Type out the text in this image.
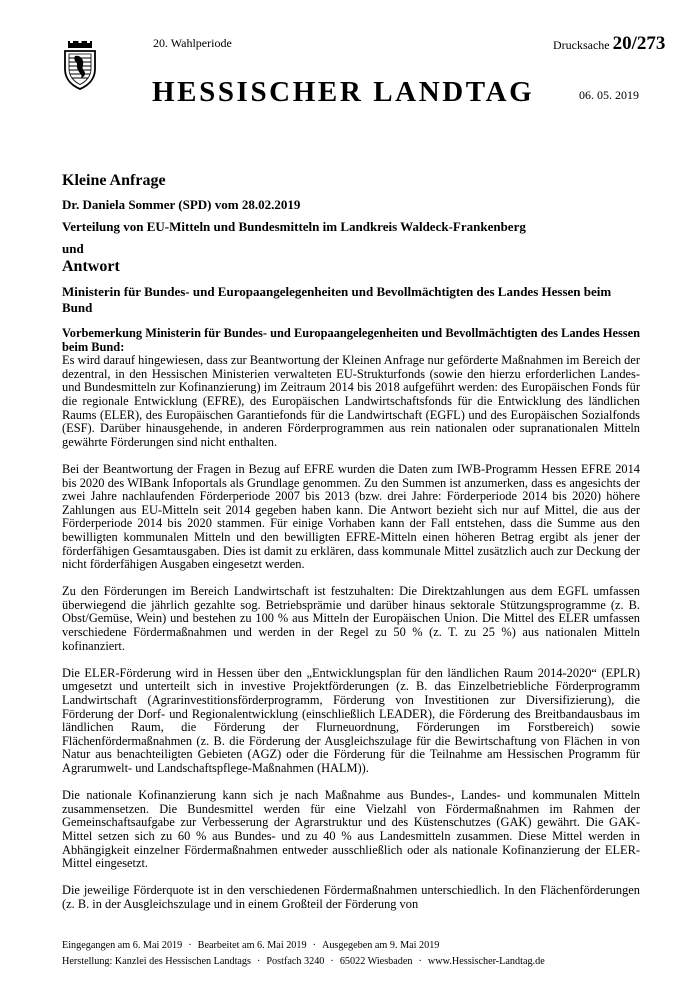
20. Wahlperiode	Drucksache 20/273
HESSISCHER LANDTAG	06. 05. 2019
Kleine Anfrage
Dr. Daniela Sommer (SPD) vom 28.02.2019
Verteilung von EU-Mitteln und Bundesmitteln im Landkreis Waldeck-Frankenberg
und
Antwort
Ministerin für Bundes- und Europaangelegenheiten und Bevollmächtigten des Landes Hessen beim Bund

Vorbemerkung Ministerin für Bundes- und Europaangelegenheiten und Bevollmächtigten des Landes Hessen beim Bund:

Es wird darauf hingewiesen, dass zur Beantwortung der Kleinen Anfrage nur geförderte Maßnahmen im Bereich der dezentral, in den Hessischen Ministerien verwalteten EU-Strukturfonds (sowie den hierzu erforderlichen Landes- und Bundesmitteln zur Kofinanzierung) im Zeitraum 2014 bis 2018 aufgeführt werden: des Europäischen Fonds für die regionale Entwicklung (EFRE), des Europäischen Landwirtschaftsfonds für die Entwicklung des ländlichen Raums (ELER), des Europäischen Garantiefonds für die Landwirtschaft (EGFL) und des Europäischen Sozialfonds (ESF). Darüber hinausgehende, in anderen Förderprogrammen aus rein nationalen oder supranationalen Mitteln gewährte Förderungen sind nicht enthalten.

Bei der Beantwortung der Fragen in Bezug auf EFRE wurden die Daten zum IWB-Programm Hessen EFRE 2014 bis 2020 des WIBank Infoportals als Grundlage genommen. Zu den Summen ist anzumerken, dass es angesichts der zwei Jahre nachlaufenden Förderperiode 2007 bis 2013 (bzw. drei Jahre: Förderperiode 2014 bis 2020) höhere Zahlungen aus EU-Mitteln seit 2014 gegeben haben kann. Die Antwort bezieht sich nur auf Mittel, die aus der Förderperiode 2014 bis 2020 stammen. Für einige Vorhaben kann der Fall entstehen, dass die Summe aus den bewilligten kommunalen Mitteln und den bewilligten EFRE-Mitteln einen höheren Betrag ergibt als jener der förderfähigen Gesamtausgaben. Dies ist damit zu erklären, dass kommunale Mittel zusätzlich auch zur Deckung der nicht förderfähigen Ausgaben eingesetzt werden.

Zu den Förderungen im Bereich Landwirtschaft ist festzuhalten: Die Direktzahlungen aus dem EGFL umfassen überwiegend die jährlich gezahlte sog. Betriebsprämie und darüber hinaus sektorale Stützungsprogramme (z. B. Obst/Gemüse, Wein) und bestehen zu 100 % aus Mitteln der Europäischen Union. Die Mittel des ELER umfassen verschiedene Fördermaßnahmen und werden in der Regel zu 50 % (z. T. zu 25 %) aus nationalen Mitteln kofinanziert.

Die ELER-Förderung wird in Hessen über den „Entwicklungsplan für den ländlichen Raum 2014-2020“ (EPLR) umgesetzt und unterteilt sich in investive Projektförderungen (z. B. das Einzelbetriebliche Förderprogramm Landwirtschaft (Agrarinvestitionsförderprogramm, Förderung von Investitionen zur Diversifizierung), die Förderung der Dorf- und Regionalentwicklung (einschließlich LEADER), die Förderung des Breitbandausbaus im ländlichen Raum, die Förderung der Flurneuordnung, Förderungen im Forstbereich) sowie Flächenfördermaßnahmen (z. B. die Förderung der Ausgleichszulage für die Bewirtschaftung von Flächen in von Natur aus benachteiligten Gebieten (AGZ) oder die Förderung für die Teilnahme am Hessischen Programm für Agrarumwelt- und Landschaftspflege-Maßnahmen (HALM)).

Die nationale Kofinanzierung kann sich je nach Maßnahme aus Bundes-, Landes- und kommunalen Mitteln zusammensetzen. Die Bundesmittel werden für eine Vielzahl von Fördermaßnahmen im Rahmen der Gemeinschaftsaufgabe zur Verbesserung der Agrarstruktur und des Küstenschutzes (GAK) gewährt. Die GAK-Mittel setzen sich zu 60 % aus Bundes- und zu 40 % aus Landesmitteln zusammen. Diese Mittel werden in Abhängigkeit einzelner Fördermaßnahmen entweder ausschließlich oder als nationale Kofinanzierung der ELER-Mittel eingesetzt.

Die jeweilige Förderquote ist in den verschiedenen Fördermaßnahmen unterschiedlich. In den Flächenförderungen (z. B. in der Ausgleichszulage und in einem Großteil der Förderung von

Eingegangen am 6. Mai 2019 · Bearbeitet am 6. Mai 2019 · Ausgegeben am 9. Mai 2019
Herstellung: Kanzlei des Hessischen Landtags · Postfach 3240 · 65022 Wiesbaden · www.Hessischer-Landtag.de
